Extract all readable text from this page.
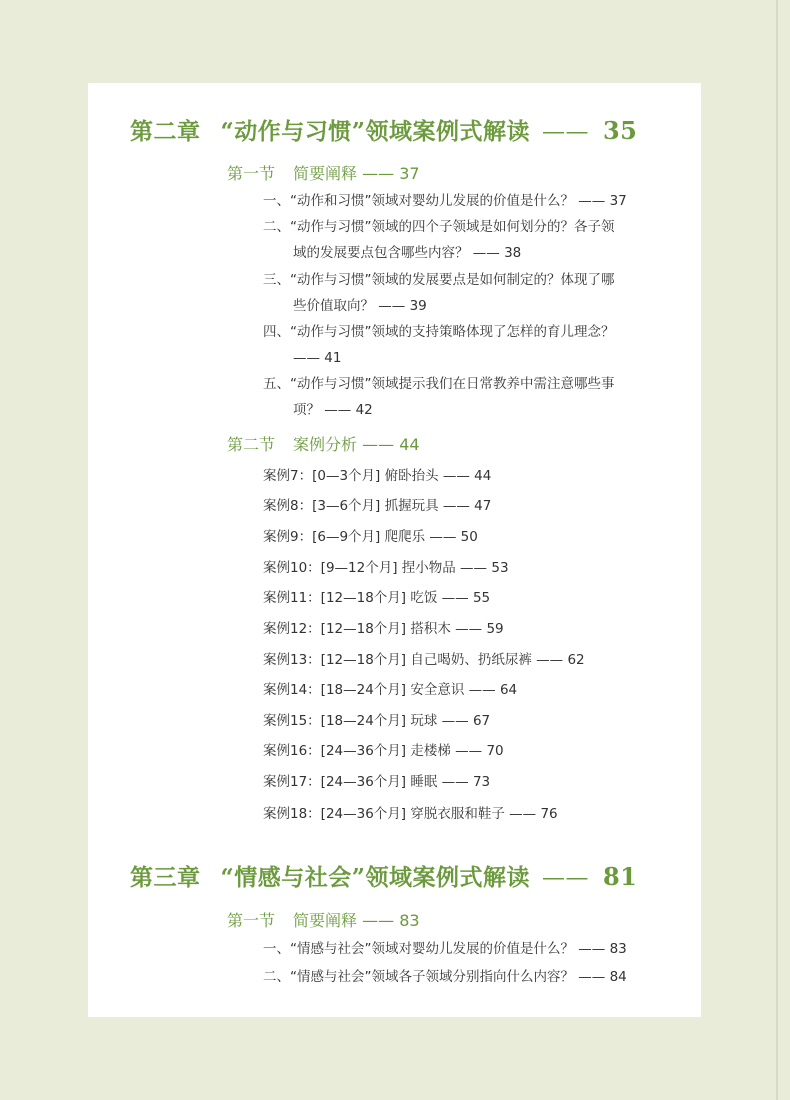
第二章 “动作与习惯”领域案例式解读 —— 35
第一节 简要阐释 —— 37
一、“动作和习惯”领域对婴幼儿发展的价值是什么？ —— 37
二、“动作与习惯”领域的四个子领域是如何划分的？各子领
域的发展要点包含哪些内容？ —— 38
三、“动作与习惯”领域的发展要点是如何制定的？体现了哪
些价值取向？ —— 39
四、“动作与习惯”领域的支持策略体现了怎样的育儿理念？
—— 41
五、“动作与习惯”领域提示我们在日常教养中需注意哪些事
项？ —— 42
第二节 案例分析 —— 44
案例7：[0—3个月] 俯卧抬头 —— 44
案例8：[3—6个月] 抓握玩具 —— 47
案例9：[6—9个月] 爬爬乐 —— 50
案例10：[9—12个月] 捏小物品 —— 53
案例11：[12—18个月] 吃饭 —— 55
案例12：[12—18个月] 搭积木 —— 59
案例13：[12—18个月] 自己喝奶、扔纸尿裤 —— 62
案例14：[18—24个月] 安全意识 —— 64
案例15：[18—24个月] 玩球 —— 67
案例16：[24—36个月] 走楼梯 —— 70
案例17：[24—36个月] 睡眠 —— 73
案例18：[24—36个月] 穿脱衣服和鞋子 —— 76
第三章 “情感与社会”领域案例式解读 —— 81
第一节 简要阐释 —— 83
一、“情感与社会”领域对婴幼儿发展的价值是什么？ —— 83
二、“情感与社会”领域各子领域分别指向什么内容？ —— 84
